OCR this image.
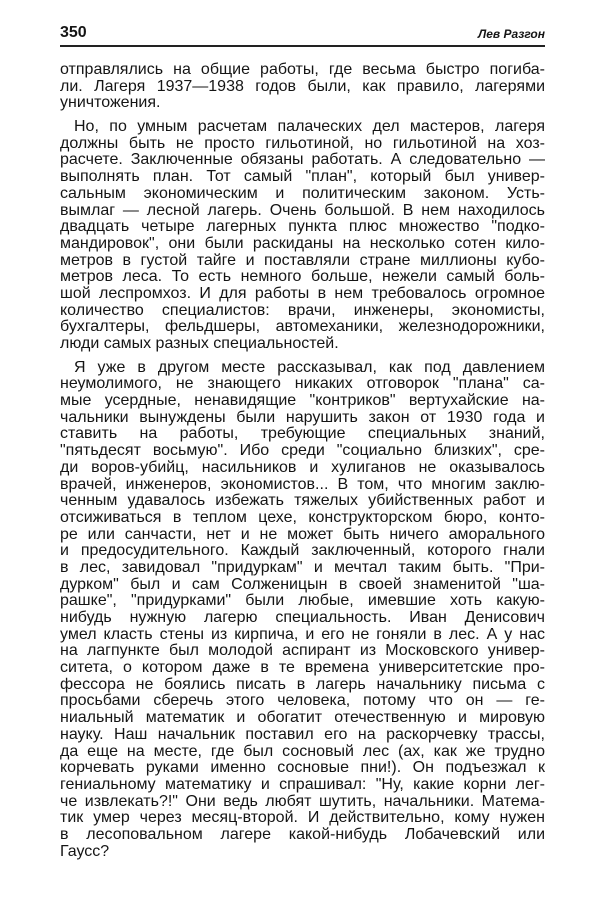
350	Лев Разгон
отправлялись на общие работы, где весьма быстро погиба-
ли. Лагеря 1937—1938 годов были, как правило, лагерями
уничтожения.
Но, по умным расчетам палаческих дел мастеров, лагеря
должны быть не просто гильотиной, но гильотиной на хоз-
расчете. Заключенные обязаны работать. А следовательно —
выполнять план. Тот самый "план", который был универ-
сальным экономическим и политическим законом. Усть-
вымлаг — лесной лагерь. Очень большой. В нем находилось
двадцать четыре лагерных пункта плюс множество "подко-
мандировок", они были раскиданы на несколько сотен кило-
метров в густой тайге и поставляли стране миллионы кубо-
метров леса. То есть немного больше, нежели самый боль-
шой леспромхоз. И для работы в нем требовалось огромное
количество специалистов: врачи, инженеры, экономисты,
бухгалтеры, фельдшеры, автомеханики, железнодорожники,
люди самых разных специальностей.
Я уже в другом месте рассказывал, как под давлением
неумолимого, не знающего никаких отговорок "плана" са-
мые усердные, ненавидящие "контриков" вертухайские на-
чальники вынуждены были нарушить закон от 1930 года и
ставить на работы, требующие специальных знаний,
"пятьдесят восьмую". Ибо среди "социально близких", сре-
ди воров-убийц, насильников и хулиганов не оказывалось
врачей, инженеров, экономистов... В том, что многим заклю-
ченным удавалось избежать тяжелых убийственных работ и
отсиживаться в теплом цехе, конструкторском бюро, конто-
ре или санчасти, нет и не может быть ничего аморального
и предосудительного. Каждый заключенный, которого гнали
в лес, завидовал "придуркам" и мечтал таким быть. "При-
дурком" был и сам Солженицын в своей знаменитой "ша-
рашке", "придурками" были любые, имевшие хоть какую-
нибудь нужную лагерю специальность. Иван Денисович
умел класть стены из кирпича, и его не гоняли в лес. А у нас
на лагпункте был молодой аспирант из Московского универ-
ситета, о котором даже в те времена университетские про-
фессора не боялись писать в лагерь начальнику письма с
просьбами сберечь этого человека, потому что он — ге-
ниальный математик и обогатит отечественную и мировую
науку. Наш начальник поставил его на раскорчевку трассы,
да еще на месте, где был сосновый лес (ах, как же трудно
корчевать руками именно сосновые пни!). Он подъезжал к
гениальному математику и спрашивал: "Ну, какие корни лег-
че извлекать?!" Они ведь любят шутить, начальники. Матема-
тик умер через месяц-второй. И действительно, кому нужен
в лесоповальном лагере какой-нибудь Лобачевский или
Гаусс?
